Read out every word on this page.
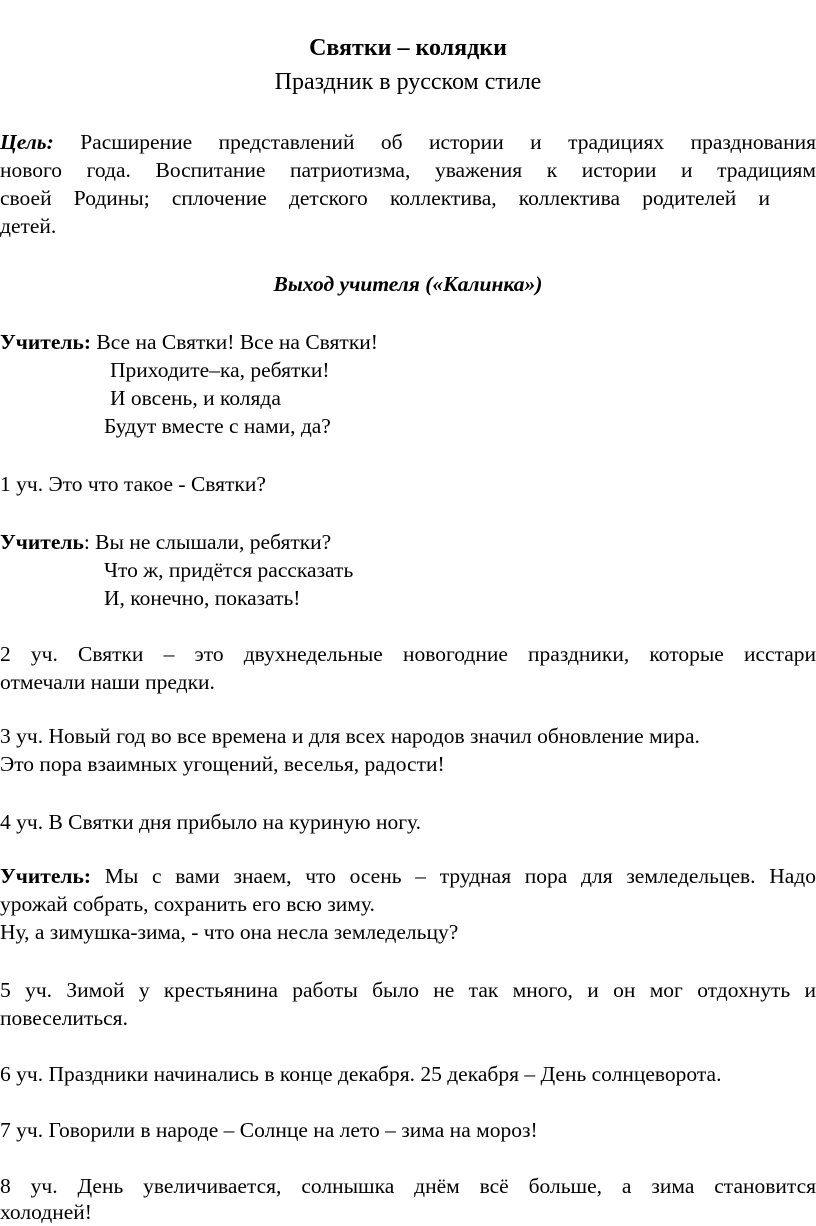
Святки – колядки
Праздник в русском стиле
Цель: Расширение представлений об истории и традициях празднования
нового года. Воспитание патриотизма, уважения к истории и традициям
своей Родины; сплочение детского коллектива, коллектива родителей и
детей.
Выход учителя («Калинка»)
Учитель: Все на Святки! Все на Святки!
Приходите–ка, ребятки!
И овсень, и коляда
Будут вместе с нами, да?
1 уч. Это что такое - Святки?
Учитель: Вы не слышали, ребятки?
Что ж, придётся рассказать
И, конечно, показать!
2 уч. Святки – это двухнедельные новогодние праздники, которые исстари
отмечали наши предки.
3 уч. Новый год во все времена и для всех народов значил обновление мира.
Это пора взаимных угощений, веселья, радости!
4 уч. В Святки дня прибыло на куриную ногу.
Учитель: Мы с вами знаем, что осень – трудная пора для земледельцев. Надо
урожай собрать, сохранить его всю зиму.
Ну, а зимушка-зима, - что она несла земледельцу?
5 уч. Зимой у крестьянина работы было не так много, и он мог отдохнуть и
повеселиться.
6 уч. Праздники начинались в конце декабря. 25 декабря – День солнцеворота.
7 уч. Говорили в народе – Солнце на лето – зима на мороз!
8 уч. День увеличивается, солнышка днём всё больше, а зима становится
холодней!
